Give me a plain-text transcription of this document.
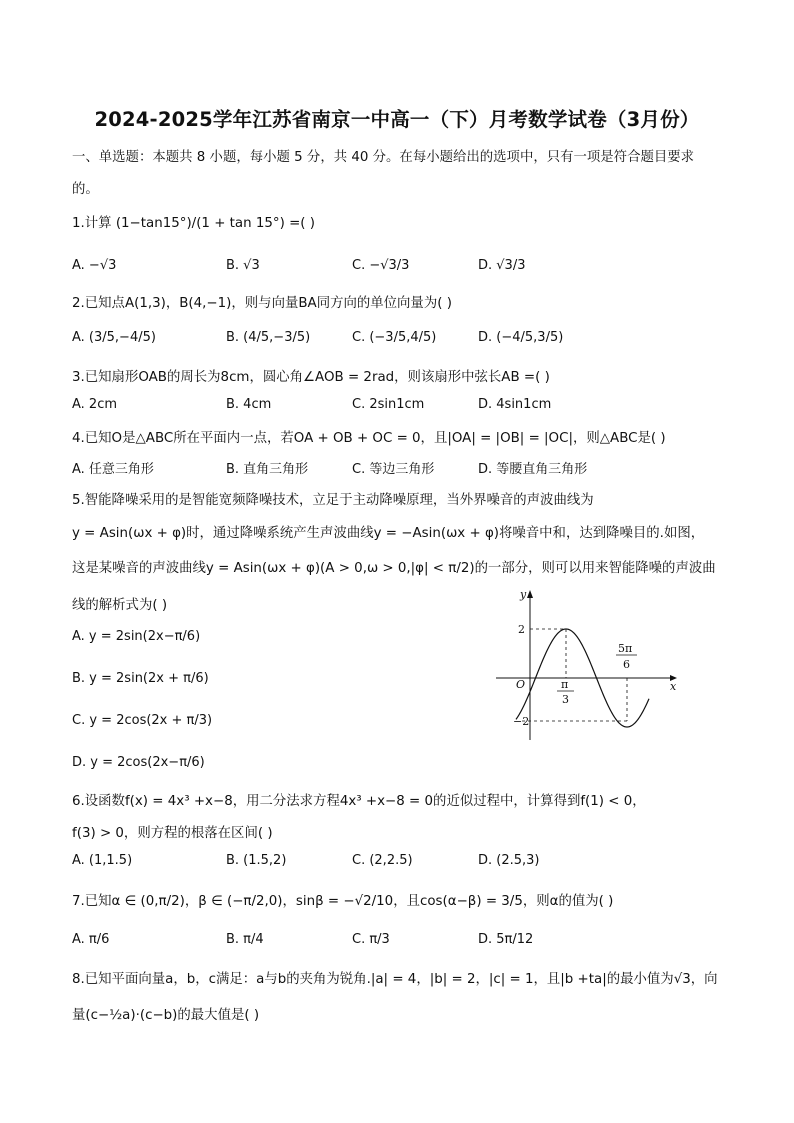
2024-2025学年江苏省南京一中高一（下）月考数学试卷（3月份）
一、单选题：本题共 8 小题，每小题 5 分，共 40 分。在每小题给出的选项中，只有一项是符合题目要求
的。
1.计算 (1−tan15°)/(1 + tan 15°) =( )
A. −√3	B. √3	C. −√3/3	D. √3/3
2.已知点A(1,3)，B(4,−1)，则与向量BA同方向的单位向量为( )
A. (3/5,−4/5)	B. (4/5,−3/5)	C. (−3/5,4/5)	D. (−4/5,3/5)
3.已知扇形OAB的周长为8cm，圆心角∠AOB = 2rad，则该扇形中弦长AB =( )
A. 2cm	B. 4cm	C. 2sin1cm	D. 4sin1cm
4.已知O是△ABC所在平面内一点，若OA + OB + OC = 0，且|OA| = |OB| = |OC|，则△ABC是( )
A. 任意三角形	B. 直角三角形	C. 等边三角形	D. 等腰直角三角形
5.智能降噪采用的是智能宽频降噪技术，立足于主动降噪原理，当外界噪音的声波曲线为
y = Asin(ωx + φ)时，通过降噪系统产生声波曲线y = −Asin(ωx + φ)将噪音中和，达到降噪目的.如图，
这是某噪音的声波曲线y = Asin(ωx + φ)(A > 0,ω > 0,|φ| < π/2)的一部分，则可以用来智能降噪的声波曲
线的解析式为( )
A. y = 2sin(2x−π/6)
B. y = 2sin(2x + π/6)
C. y = 2cos(2x + π/3)
D. y = 2cos(2x−π/6)
x
y
O
2
−2
π
3
5π
6
6.设函数f(x) = 4x³ +x−8，用二分法求方程4x³ +x−8 = 0的近似过程中，计算得到f(1) < 0，
f(3) > 0，则方程的根落在区间( )
A. (1,1.5)	B. (1.5,2)	C. (2,2.5)	D. (2.5,3)
7.已知α ∈ (0,π/2)，β ∈ (−π/2,0)，sinβ = −√2/10，且cos(α−β) = 3/5，则α的值为( )
A. π/6	B. π/4	C. π/3	D. 5π/12
8.已知平面向量a，b，c满足：a与b的夹角为锐角.|a| = 4，|b| = 2，|c| = 1，且|b +ta|的最小值为√3，向
量(c−½a)·(c−b)的最大值是( )
